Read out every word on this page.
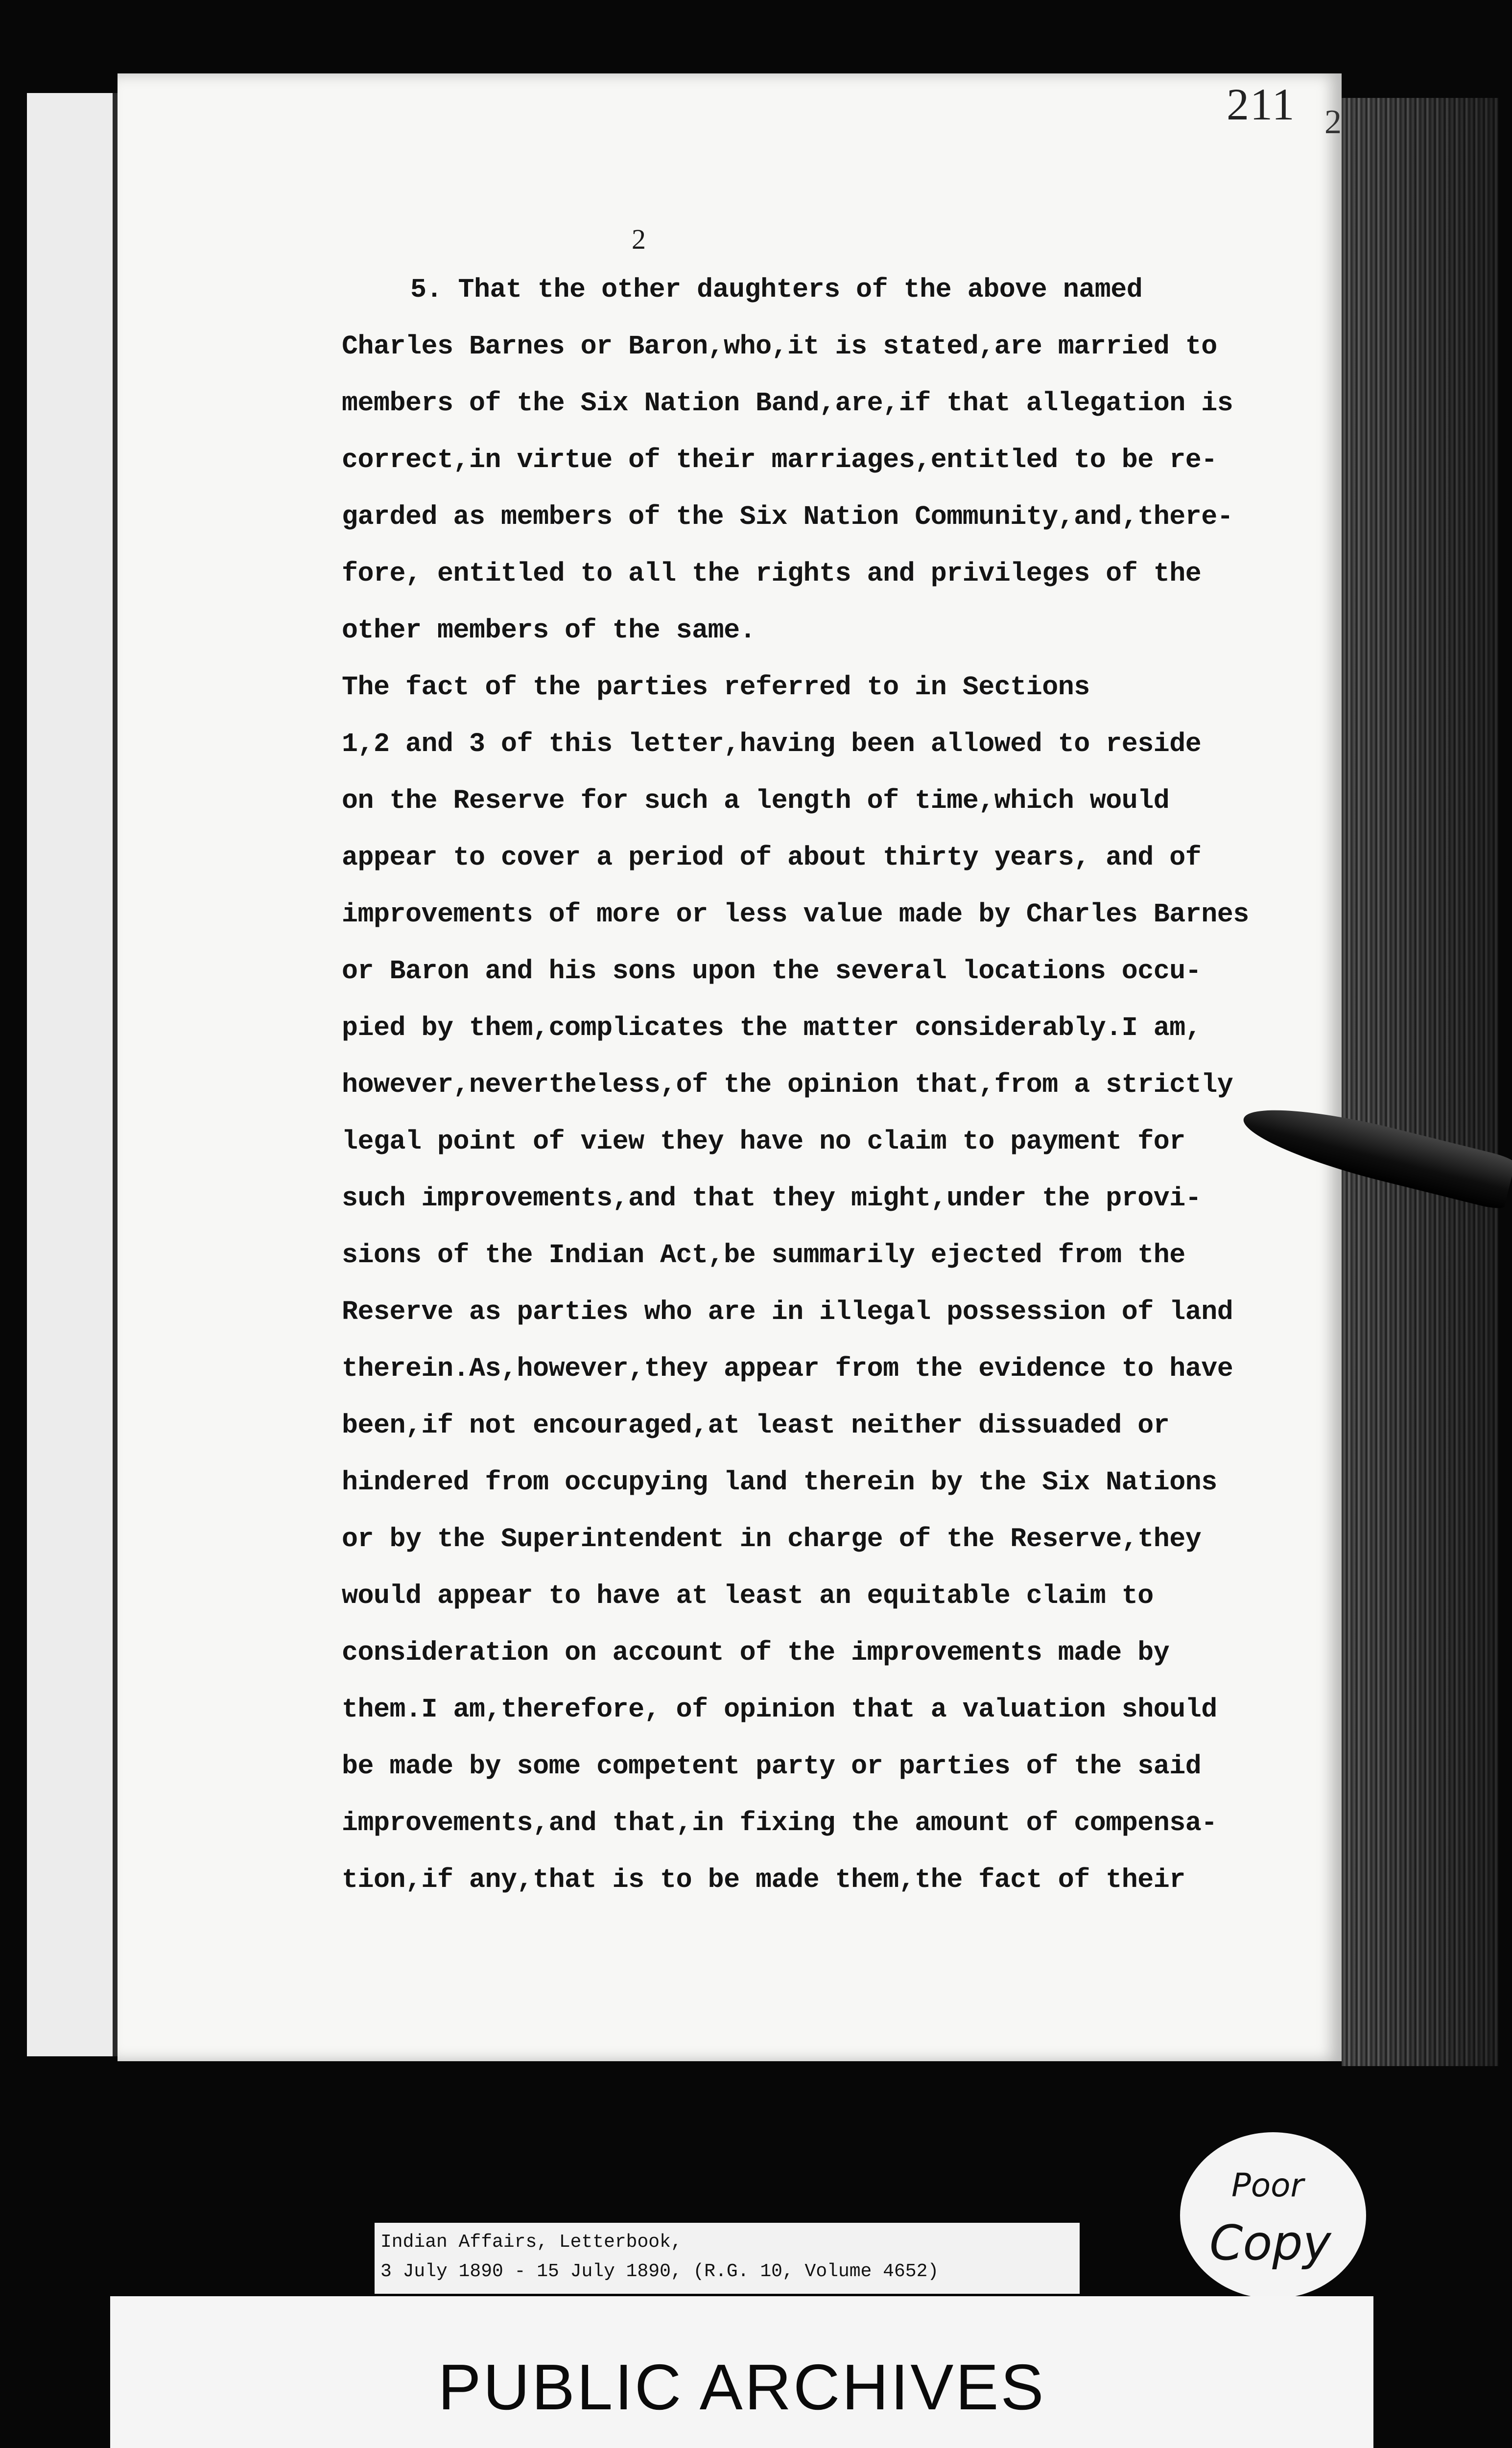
211 2
2
5. That the other daughters of the above named
Charles Barnes or Baron,who,it is stated,are married to
members of the Six Nation Band,are,if that allegation is
correct,in virtue of their marriages,entitled to be re-
garded as members of the Six Nation Community,and,there-
fore, entitled to all the rights and privileges of the
other members of the same.
The fact of the parties referred to in Sections
1,2 and 3 of this letter,having been allowed to reside
on the Reserve for such a length of time,which would
appear to cover a period of about thirty years, and of
improvements of more or less value made by Charles Barnes
or Baron and his sons upon the several locations occu-
pied by them,complicates the matter considerably.I am,
however,nevertheless,of the opinion that,from a strictly
legal point of view they have no claim to payment for
such improvements,and that they might,under the provi-
sions of the Indian Act,be summarily ejected from the
Reserve as parties who are in illegal possession of land
therein.As,however,they appear from the evidence to have
been,if not encouraged,at least neither dissuaded or
hindered from occupying land therein by the Six Nations
or by the Superintendent in charge of the Reserve,they
would appear to have at least an equitable claim to
consideration on account of the improvements made by
them.I am,therefore, of opinion that a valuation should
be made by some competent party or parties of the said
improvements,and that,in fixing the amount of compensa-
tion,if any,that is to be made them,the fact of their
Poor
Copy
Indian Affairs, Letterbook,
3 July 1890 - 15 July 1890, (R.G. 10, Volume 4652)
PUBLIC ARCHIVES
